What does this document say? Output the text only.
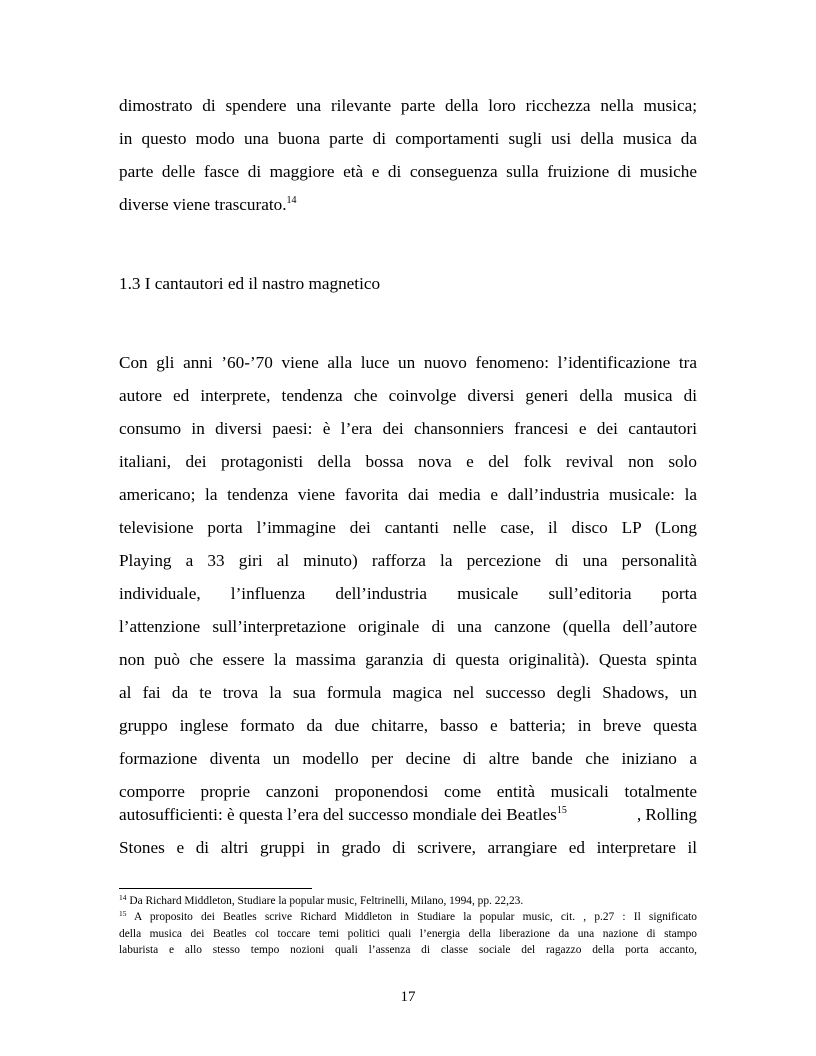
dimostrato di spendere una rilevante parte della loro ricchezza nella musica;
in questo modo una buona parte di comportamenti sugli usi della musica da
parte delle fasce di maggiore età e di conseguenza sulla fruizione di musiche
diverse viene trascurato.$^{14}$
1.3 I cantautori ed il nastro magnetico
Con gli anni ’60-’70 viene alla luce un nuovo fenomeno: l’identificazione tra
autore ed interprete, tendenza che coinvolge diversi generi della musica di
consumo in diversi paesi: è l’era dei chansonniers francesi e dei cantautori
italiani, dei protagonisti della bossa nova e del folk revival non solo
americano; la tendenza viene favorita dai media e dall’industria musicale: la
televisione porta l’immagine dei cantanti nelle case, il disco LP (Long
Playing a 33 giri al minuto) rafforza la percezione di una personalità
individuale, l’influenza dell’industria musicale sull’editoria porta
l’attenzione sull’interpretazione originale di una canzone (quella dell’autore
non può che essere la massima garanzia di questa originalità). Questa spinta
al fai da te trova la sua formula magica nel successo degli Shadows, un
gruppo inglese formato da due chitarre, basso e batteria; in breve questa
formazione diventa un modello per decine di altre bande che iniziano a
comporre proprie canzoni proponendosi come entità musicali totalmente
autosufficienti: è questa l’era del successo mondiale dei Beatles$^{15}$	, Rolling
Stones e di altri gruppi in grado di scrivere, arrangiare ed interpretare il
$^{14}$ Da Richard Middleton, Studiare la popular music, Feltrinelli, Milano, 1994, pp. 22,23.
$^{15}$ A proposito dei Beatles scrive Richard Middleton in Studiare la popular music, cit. , p.27 : Il significato
della musica dei Beatles col toccare temi politici quali l’energia della liberazione da una nazione di stampo
laburista e allo stesso tempo nozioni quali l’assenza di classe sociale del ragazzo della porta accanto,
17
